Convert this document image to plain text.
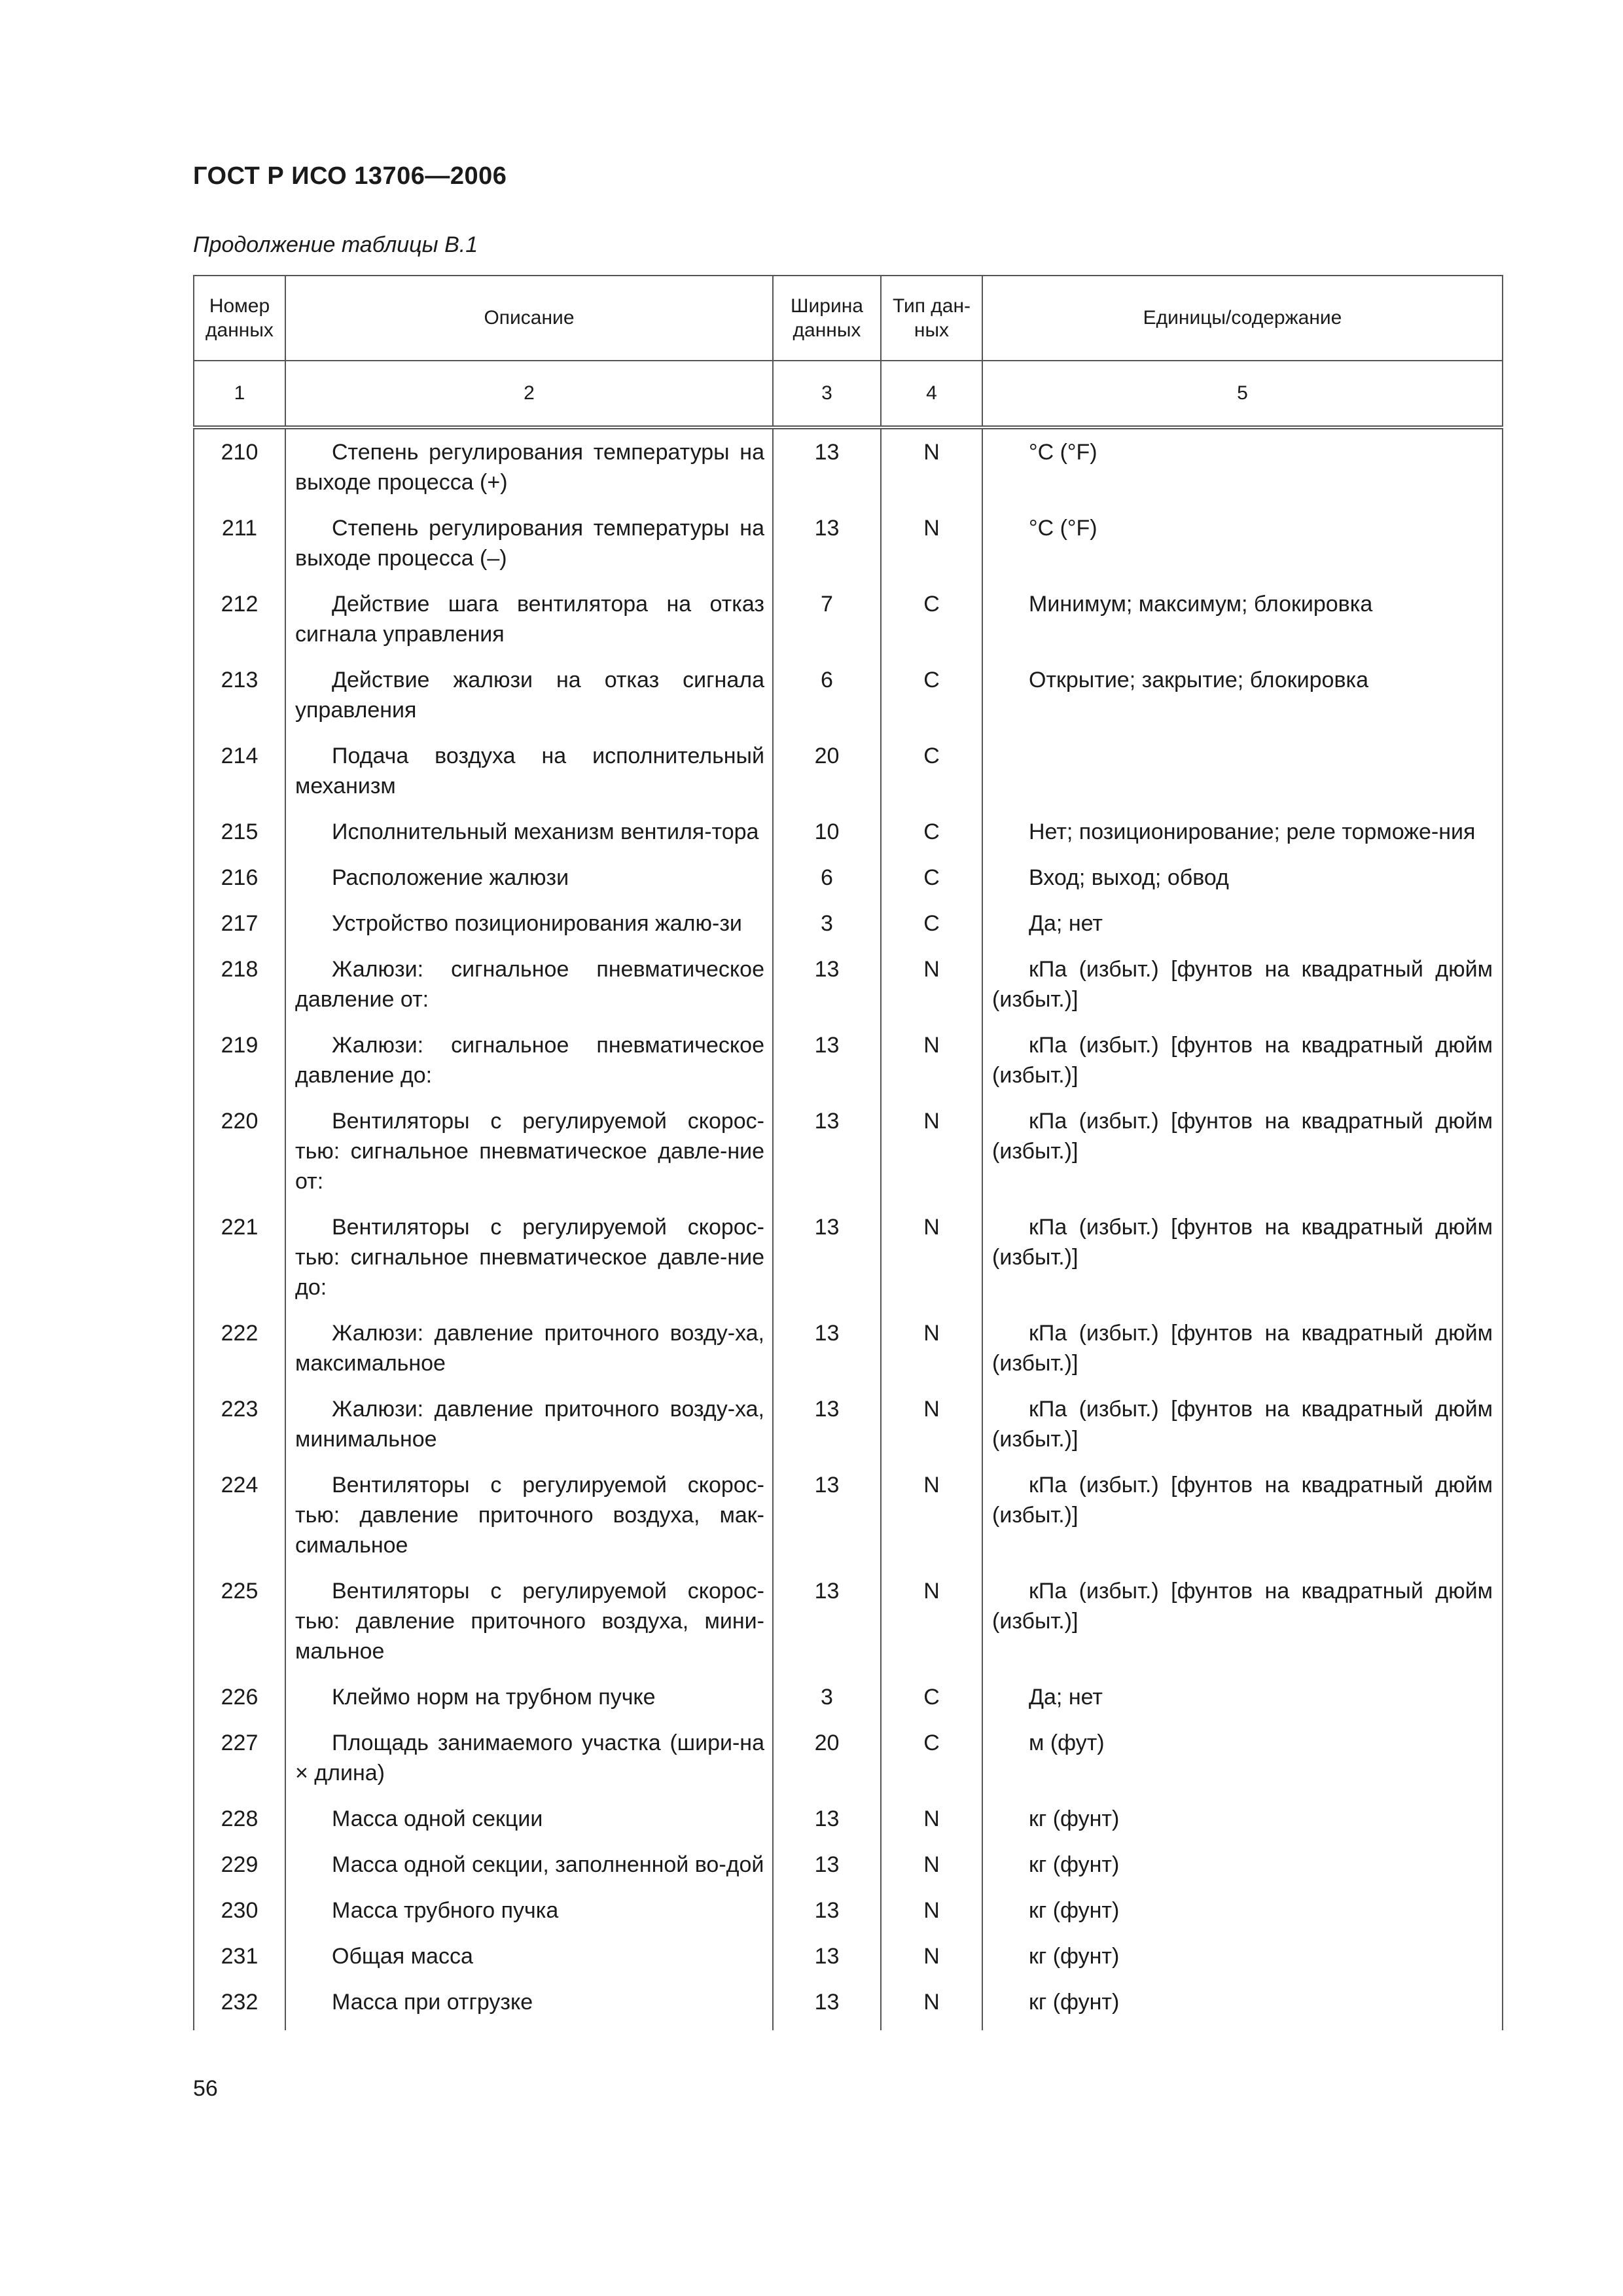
ГОСТ Р ИСО 13706—2006
Продолжение таблицы В.1
Номер данных	Описание	Ширина данных	Тип дан-ных	Единицы/содержание
1	2	3	4	5
210	Степень регулирования температуры на выходе процесса (+)	13	N	°C (°F)
211	Степень регулирования температуры на выходе процесса (–)	13	N	°C (°F)
212	Действие шага вентилятора на отказ сигнала управления	7	C	Минимум; максимум; блокировка
213	Действие жалюзи на отказ сигнала управления	6	C	Открытие; закрытие; блокировка
214	Подача воздуха на исполнительный механизм	20	C	
215	Исполнительный механизм вентиля-тора	10	C	Нет; позиционирование; реле торможе-ния
216	Расположение жалюзи	6	C	Вход; выход; обвод
217	Устройство позиционирования жалю-зи	3	C	Да; нет
218	Жалюзи: сигнальное пневматическое давление от:	13	N	кПа (избыт.) [фунтов на квадратный дюйм (избыт.)]
219	Жалюзи: сигнальное пневматическое давление до:	13	N	кПа (избыт.) [фунтов на квадратный дюйм (избыт.)]
220	Вентиляторы с регулируемой скорос-тью: сигнальное пневматическое давле-ние от:	13	N	кПа (избыт.) [фунтов на квадратный дюйм (избыт.)]
221	Вентиляторы с регулируемой скорос-тью: сигнальное пневматическое давле-ние до:	13	N	кПа (избыт.) [фунтов на квадратный дюйм (избыт.)]
222	Жалюзи: давление приточного возду-ха, максимальное	13	N	кПа (избыт.) [фунтов на квадратный дюйм (избыт.)]
223	Жалюзи: давление приточного возду-ха, минимальное	13	N	кПа (избыт.) [фунтов на квадратный дюйм (избыт.)]
224	Вентиляторы с регулируемой скорос-тью: давление приточного воздуха, мак-симальное	13	N	кПа (избыт.) [фунтов на квадратный дюйм (избыт.)]
225	Вентиляторы с регулируемой скорос-тью: давление приточного воздуха, мини-мальное	13	N	кПа (избыт.) [фунтов на квадратный дюйм (избыт.)]
226	Клеймо норм на трубном пучке	3	C	Да; нет
227	Площадь занимаемого участка (шири-на × длина)	20	C	м (фут)
228	Масса одной секции	13	N	кг (фунт)
229	Масса одной секции, заполненной во-дой	13	N	кг (фунт)
230	Масса трубного пучка	13	N	кг (фунт)
231	Общая масса	13	N	кг (фунт)
232	Масса при отгрузке	13	N	кг (фунт)
56
